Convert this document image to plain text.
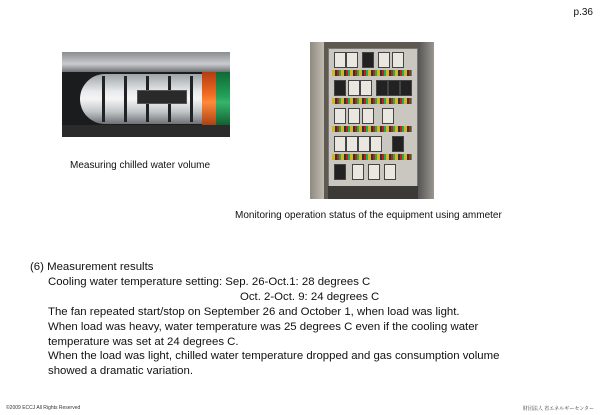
p.36
Measuring chilled water volume
Monitoring operation status of the equipment using ammeter
(6) Measurement results
Cooling water temperature setting: Sep. 26-Oct.1: 28 degrees C
Oct. 2-Oct. 9: 24 degrees C
The fan repeated start/stop on September 26 and October 1, when load was light.
When load was heavy, water temperature was 25 degrees C even if the cooling water
temperature was set at 24 degrees C.
When the load was light, chilled water temperature dropped and gas consumption volume
showed a dramatic variation.
©2009 ECCJ All Rights Reserved	財団法人 省エネルギーセンター
